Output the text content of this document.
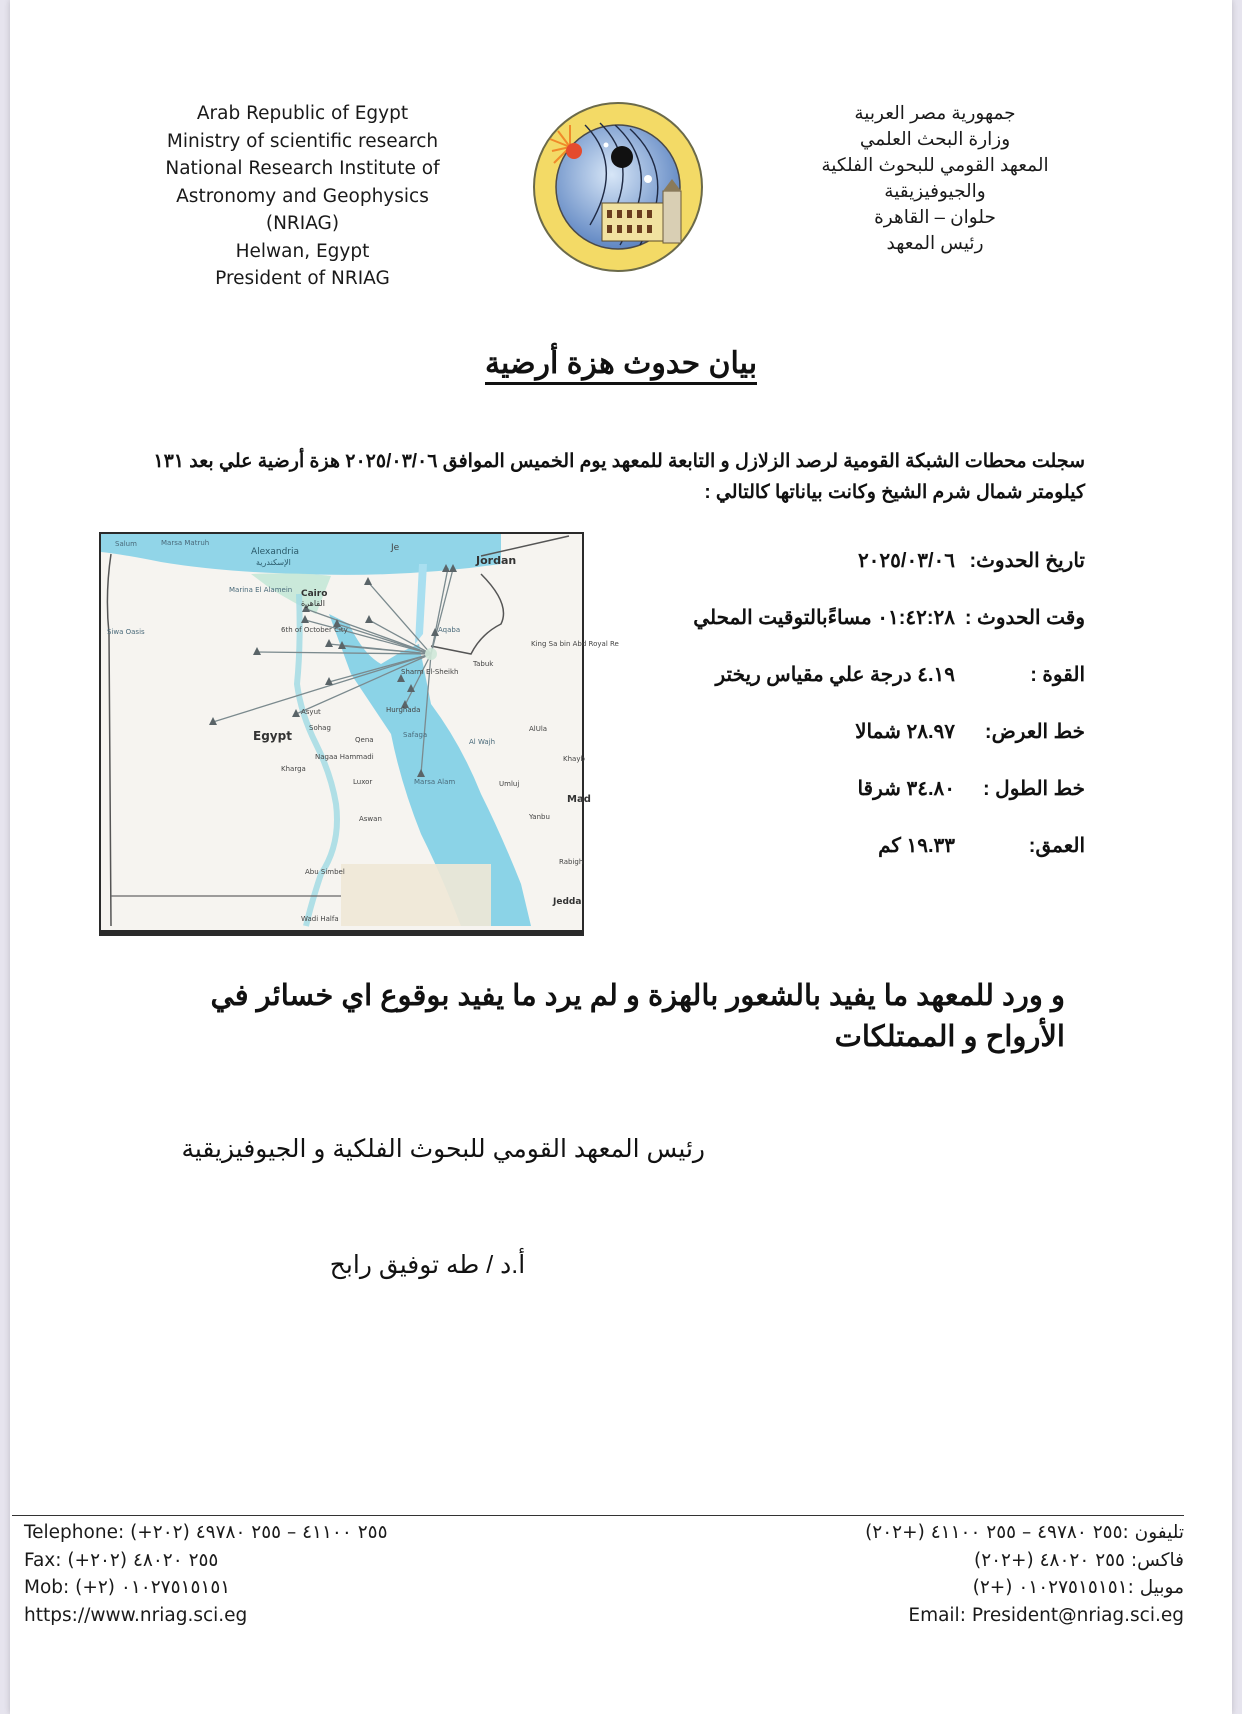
Arab Republic of Egypt
Ministry of scientific research
National Research Institute of
Astronomy and Geophysics
(NRIAG)
Helwan, Egypt
President of NRIAG
جمهورية مصر العربية
وزارة البحث العلمي
المعهد القومي للبحوث الفلكية
والجيوفيزيقية
حلوان – القاهرة
رئيس المعهد
بيان حدوث هزة أرضية
سجلت محطات الشبكة القومية لرصد الزلازل و التابعة للمعهد يوم الخميس الموافق ٢٠٢٥/٠٣/٠٦ هزة أرضية علي بعد ١٣١ كيلومتر شمال شرم الشيخ وكانت بياناتها كالتالي :
Salum	Marsa Matruh
Marina El Alamein
Siwa Oasis
Safaga
Al Wajh
Marsa Alam
Aqaba
Alexandria
الإسكندرية
Je
6th of October City
Tabuk
King Sa bin Abd Royal Re
Sharm El-Sheikh
Hurghada
Asyut
Sohag
Qena
Nagaa Hammadi
Kharga
Luxor
AlUla
Khayb
Umluj
Yanbu
Aswan
Abu Simbel
Rabigh
Wadi Halfa
Jordan
Cairo
القاهرة
Egypt
Mad
Jedda
تاريخ الحدوث:
٢٠٢٥/٠٣/٠٦
وقت الحدوث :
٠١:٤٢:٢٨ مساءًبالتوقيت المحلي
القوة :
٤.١٩ درجة علي مقياس ريختر
خط العرض:
٢٨.٩٧ شمالا
خط الطول :
٣٤.٨٠ شرقا
العمق:
١٩.٣٣ كم
و ورد للمعهد ما يفيد بالشعور بالهزة و لم يرد ما يفيد بوقوع اي خسائر في الأرواح و الممتلكات
رئيس المعهد القومي للبحوث الفلكية و الجيوفيزيقية
أ.د / طه توفيق رابح
Telephone: (+٢٠٢) ٢٥٥ ٤١١٠٠ – ٢٥٥ ٤٩٧٨٠
Fax: (+٢٠٢) ٢٥٥ ٤٨٠٢٠
Mob: (+٢) ٠١٠٢٧٥١٥١٥١
https://www.nriag.sci.eg
تليفون :٢٥٥ ٤٩٧٨٠ – ٢٥٥ ٤١١٠٠ (+٢٠٢)
فاكس: ٢٥٥ ٤٨٠٢٠ (+٢٠٢)
موبيل :٠١٠٢٧٥١٥١٥١ (+٢)
Email: President@nriag.sci.eg
